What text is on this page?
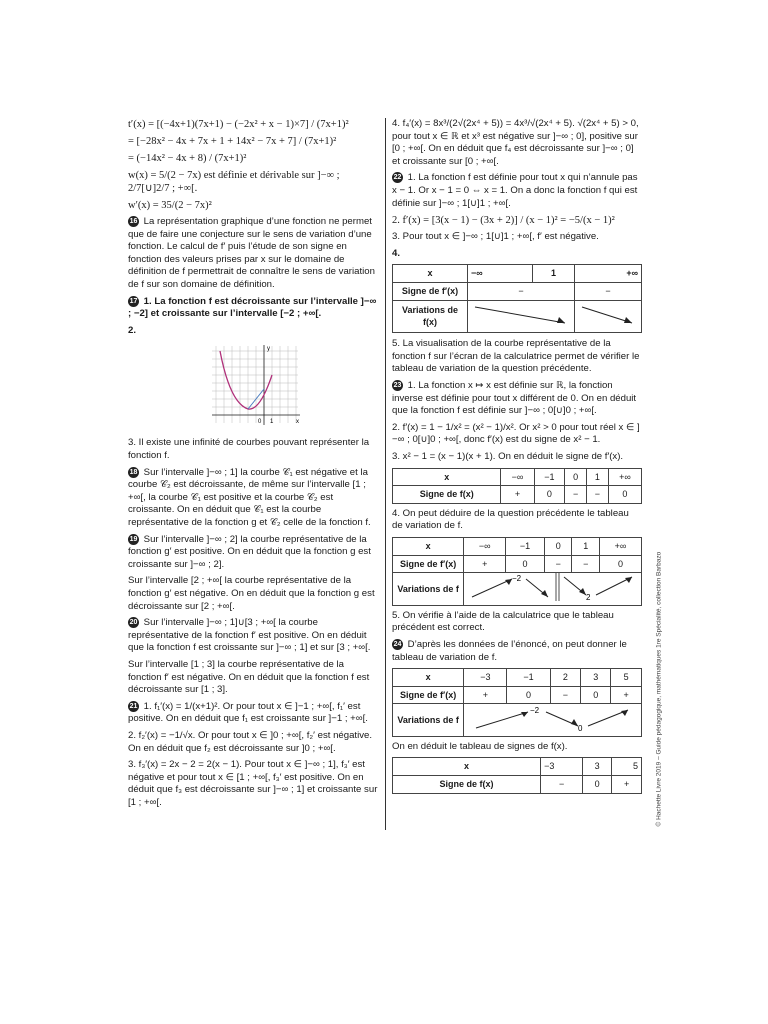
t′(x) = [(−4x+1)(7x+1) − (−2x² + x − 1)×7] / (7x+1)²

= [−28x² − 4x + 7x + 1 + 14x² − 7x + 7] / (7x+1)²

= (−14x² − 4x + 8) / (7x+1)²

w(x) = 5/(2 − 7x) est définie et dérivable sur ]−∞ ; 2/7[∪]2/7 ; +∞[.

w′(x) = 35/(2 − 7x)²

16 La représentation graphique d’une fonction ne permet que de faire une conjecture sur le sens de variation d’une fonction. Le calcul de f′ puis l’étude de son signe en fonction des valeurs prises par x sur le domaine de définition de f permettrait de connaître le sens de variation de f sur son domaine de définition.

17 1. La fonction f est décroissante sur l’intervalle ]−∞ ; −2] et croissante sur l’intervalle [−2 ; +∞[.

2.

y
x
0 1

3. Il existe une infinité de courbes pouvant représenter la fonction f.

18 Sur l’intervalle ]−∞ ; 1] la courbe 𝒞₁ est négative et la courbe 𝒞₂ est décroissante, de même sur l’intervalle [1 ; +∞[, la courbe 𝒞₁ est positive et la courbe 𝒞₂ est croissante. On en déduit que 𝒞₁ est la courbe représentative de la fonction g et 𝒞₂ celle de la fonction f.

19 Sur l’intervalle ]−∞ ; 2] la courbe représentative de la fonction g′ est positive. On en déduit que la fonction g est croissante sur ]−∞ ; 2].

Sur l’intervalle [2 ; +∞[ la courbe représentative de la fonction g′ est négative. On en déduit que la fonction g est décroissante sur [2 ; +∞[.

20 Sur l’intervalle ]−∞ ; 1]∪[3 ; +∞[ la courbe représentative de la fonction f′ est positive. On en déduit que la fonction f est croissante sur ]−∞ ; 1] et sur [3 ; +∞[.

Sur l’intervalle [1 ; 3] la courbe représentative de la fonction f′ est négative. On en déduit que la fonction f est décroissante sur [1 ; 3].

21 1. f₁′(x) = 1/(x+1)². Or pour tout x ∈ ]−1 ; +∞[, f₁′ est positive. On en déduit que f₁ est croissante sur ]−1 ; +∞[.

2. f₂′(x) = −1/√x. Or pour tout x ∈ ]0 ; +∞[, f₂′ est négative. On en déduit que f₂ est décroissante sur ]0 ; +∞[.

3. f₃′(x) = 2x − 2 = 2(x − 1). Pour tout x ∈ ]−∞ ; 1], f₃′ est négative et pour tout x ∈ [1 ; +∞[, f₃′ est positive. On en déduit que f₃ est décroissante sur ]−∞ ; 1] et croissante sur [1 ; +∞[.

4. f₄′(x) = 8x³/(2√(2x⁴ + 5)) = 4x³/√(2x⁴ + 5). √(2x⁴ + 5) > 0, pour tout x ∈ ℝ et x³ est négative sur ]−∞ ; 0], positive sur [0 ; +∞[. On en déduit que f₄ est décroissante sur ]−∞ ; 0] et croissante sur [0 ; +∞[.

22 1. La fonction f est définie pour tout x qui n’annule pas x − 1. Or x − 1 = 0 ⇔ x = 1. On a donc la fonction f qui est définie sur ]−∞ ; 1[∪]1 ; +∞[.

2. f′(x) = [3(x − 1) − (3x + 2)] / (x − 1)² = −5/(x − 1)²

3. Pour tout x ∈ ]−∞ ; 1[∪]1 ; +∞[, f′ est négative.

4.

x	−∞	1	+∞
Signe de f′(x)	−		−
Variations de f(x)		

5. La visualisation de la courbe représentative de la fonction f sur l’écran de la calculatrice permet de vérifier le tableau de variation de la question précédente.

23 1. La fonction x ↦ x est définie sur ℝ, la fonction inverse est définie pour tout x différent de 0. On en déduit que la fonction f est définie sur ]−∞ ; 0[∪]0 ; +∞[.

2. f′(x) = 1 − 1/x² = (x² − 1)/x². Or x² > 0 pour tout réel x ∈ ]−∞ ; 0[∪]0 ; +∞[, donc f′(x) est du signe de x² − 1.

3. x² − 1 = (x − 1)(x + 1). On en déduit le signe de f′(x).

x	−∞	−1	0	1	+∞
Signe de f(x)	+	0	−	−	0

4. On peut déduire de la question précédente le tableau de variation de f.

x	−∞	−1	0	1	+∞
Signe de f′(x)	+	0	−	−	0
Variations de f	−2
2				

5. On vérifie à l’aide de la calculatrice que le tableau précédent est correct.

24 D’après les données de l’énoncé, on peut donner le tableau de variation de f.

x	−3	−1	2	3	5
Signe de f′(x)	+	0	−	0	+
Variations de f	−2
0				

On en déduit le tableau de signes de f(x).

x	−3	3	5
Signe de f(x)	−	0	+	© Hachette Livre 2019 – Guide pédagogique, mathématiques 1re Spécialité, collection Barbazo
